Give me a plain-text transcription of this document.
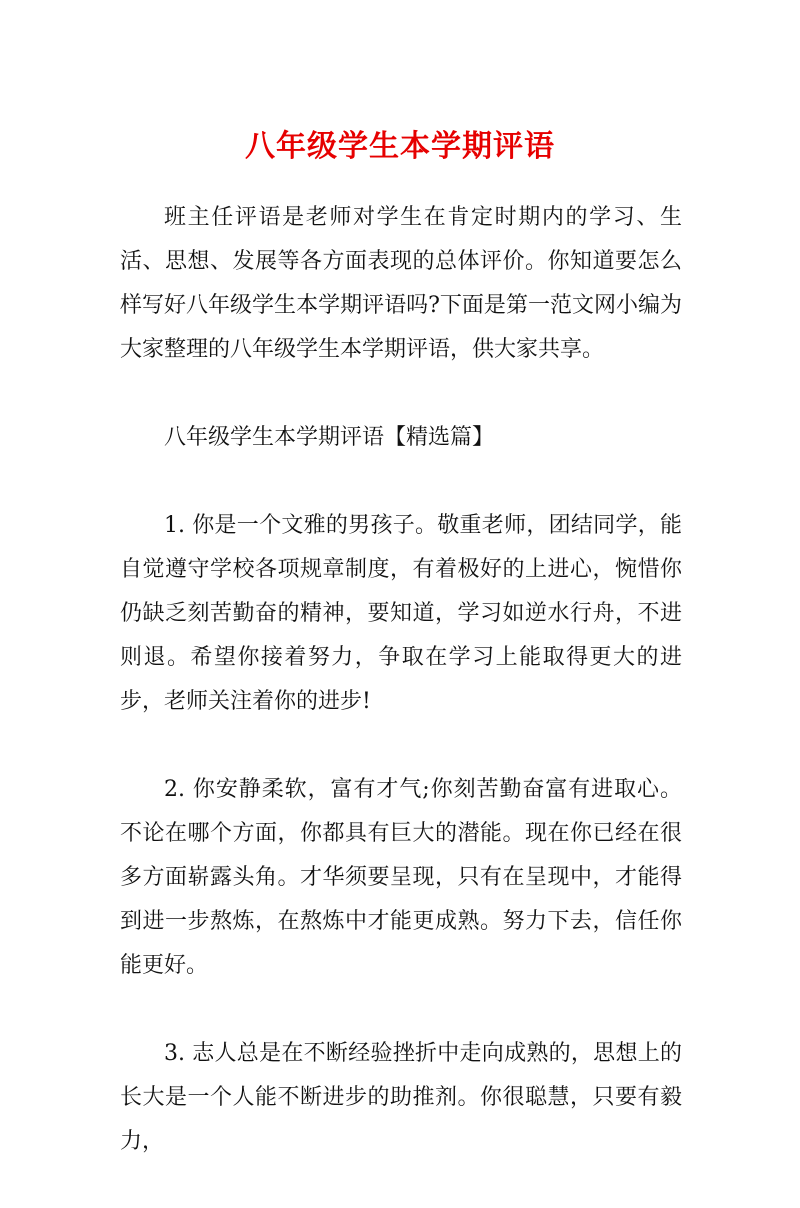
八年级学生本学期评语

班主任评语是老师对学生在肯定时期内的学习、生活、思想、发展等各方面表现的总体评价。你知道要怎么样写好八年级学生本学期评语吗?下面是第一范文网小编为大家整理的八年级学生本学期评语，供大家共享。

八年级学生本学期评语【精选篇】

1. 你是一个文雅的男孩子。敬重老师，团结同学，能自觉遵守学校各项规章制度，有着极好的上进心，惋惜你仍缺乏刻苦勤奋的精神，要知道，学习如逆水行舟，不进则退。希望你接着努力，争取在学习上能取得更大的进步，老师关注着你的进步!

2. 你安静柔软，富有才气;你刻苦勤奋富有进取心。不论在哪个方面，你都具有巨大的潜能。现在你已经在很多方面崭露头角。才华须要呈现，只有在呈现中，才能得到进一步熬炼，在熬炼中才能更成熟。努力下去，信任你能更好。

3. 志人总是在不断经验挫折中走向成熟的，思想上的长大是一个人能不断进步的助推剂。你很聪慧，只要有毅力，
